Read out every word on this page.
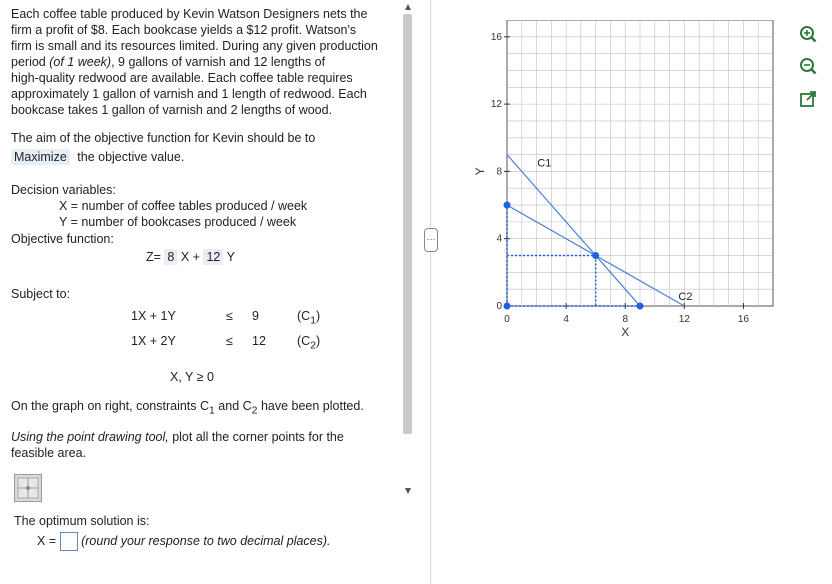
Each coffee table produced by Kevin Watson Designers nets the
firm a profit of $8. Each bookcase yields a $12 profit. Watson's
firm is small and its resources limited. During any given production
period (of 1 week), 9 gallons of varnish and 12 lengths of
high-quality redwood are available. Each coffee table requires
approximately 1 gallon of varnish and 1 length of redwood. Each
bookcase takes 1 gallon of varnish and 2 lengths of wood.
The aim of the objective function for Kevin should be to
Maximize the objective value.
Decision variables:
X = number of coffee tables produced / week
Y = number of bookcases produced / week
Objective function:
Z= 8 X + 12 Y
Subject to:
1X + 1Y	≤ 9	$(C_1)$
1X + 2Y	≤ 12 $(C_2)$
X, Y ≥ 0
On the graph on right, constraints $C_1$ and $C_2$ have been plotted.
Using the point drawing tool, plot all the corner points for the
feasible area.
The optimum solution is:
X = (round your response to two decimal places).
⋯
0	4	8	12	16
0
4
8
12
16
X
Y
C1
C2
